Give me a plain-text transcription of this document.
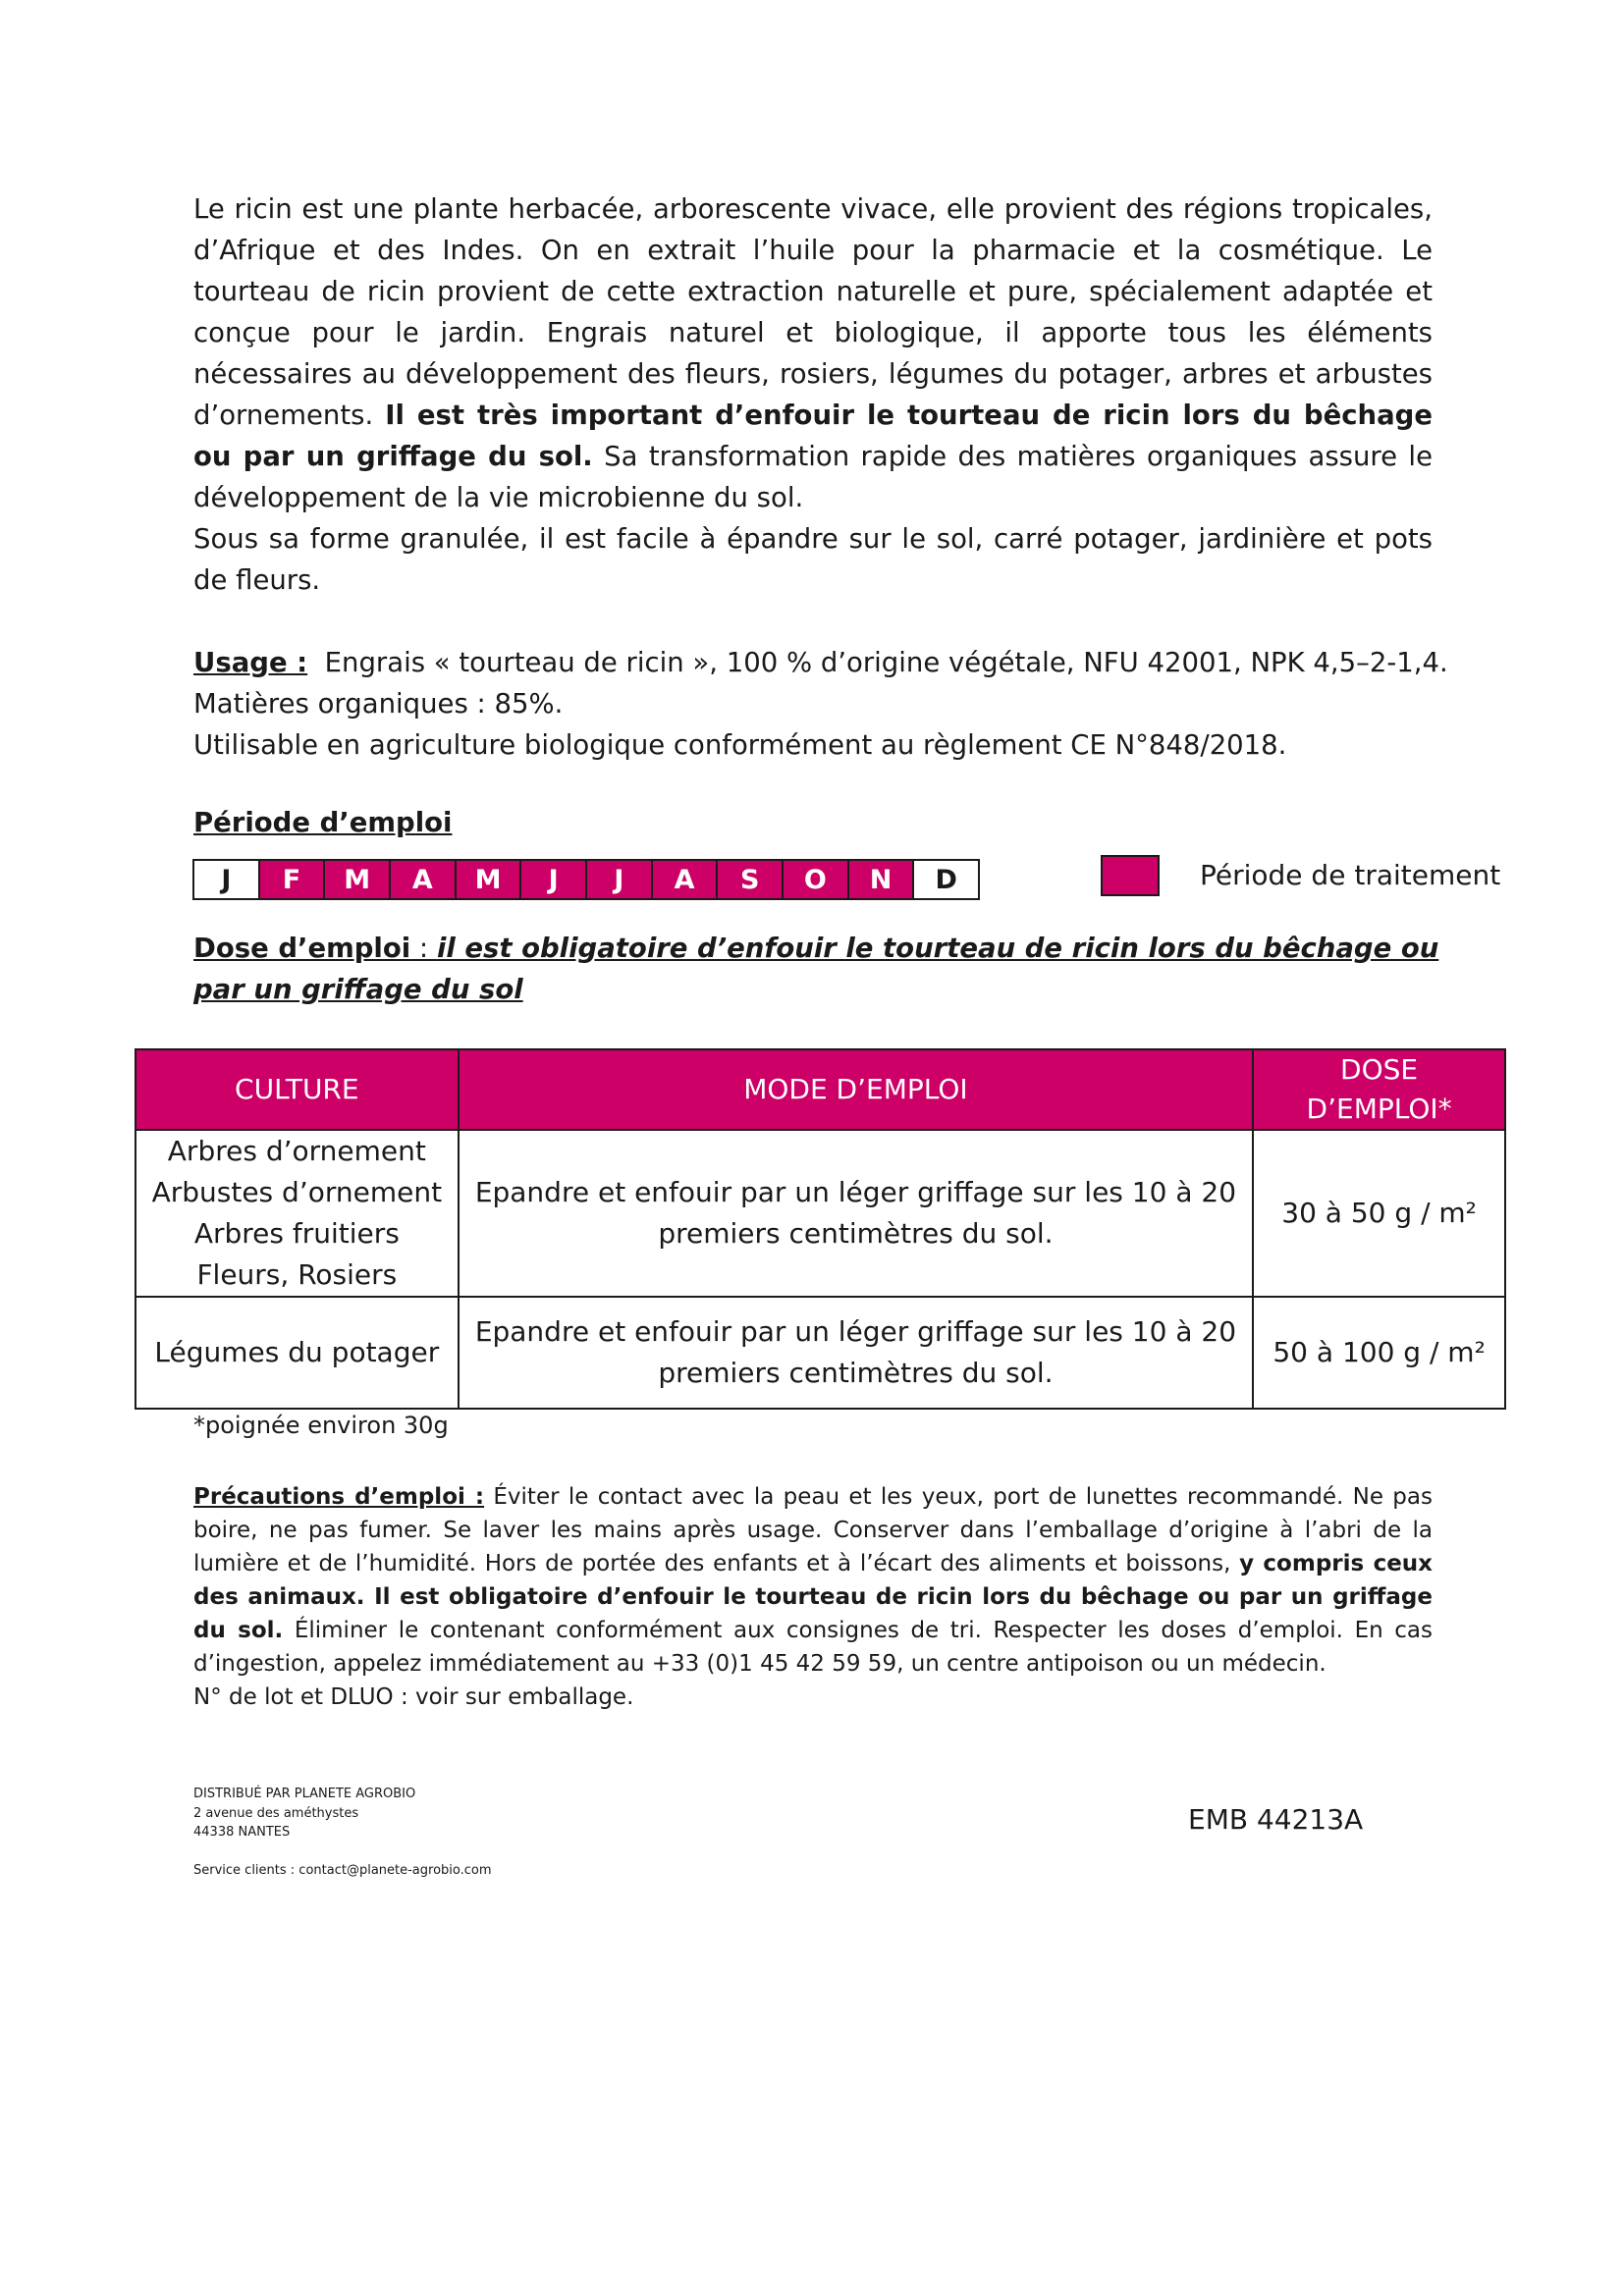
Le ricin est une plante herbacée, arborescente vivace, elle provient des régions tropicales, d’Afrique et des Indes. On en extrait l’huile pour la pharmacie et la cosmétique. Le tourteau de ricin provient de cette extraction naturelle et pure, spécialement adaptée et conçue pour le jardin. Engrais naturel et biologique, il apporte tous les éléments nécessaires au développement des fleurs, rosiers, légumes du potager, arbres et arbustes d’ornements. Il est très important d’enfouir le tourteau de ricin lors du bêchage ou par un griffage du sol. Sa transformation rapide des matières organiques assure le développement de la vie microbienne du sol.
Sous sa forme granulée, il est facile à épandre sur le sol, carré potager, jardinière et pots de fleurs.

Usage : Engrais « tourteau de ricin », 100 % d’origine végétale, NFU 42001, NPK 4,5–2-1,4.
Matières organiques : 85%.
Utilisable en agriculture biologique conformément au règlement CE N°848/2018.

Période d’emploi

J	F	M	A	M	J	J	A	S	O	N	D	Période de traitement

Dose d’emploi : il est obligatoire d’enfouir le tourteau de ricin lors du bêchage ou par un griffage du sol

CULTURE	MODE D’EMPLOI	DOSE
D’EMPLOI*

Arbres d’ornement
Arbustes d’ornement
Arbres fruitiers
Fleurs, Rosiers	Epandre et enfouir par un léger griffage sur les 10 à 20
premiers centimètres du sol.	30 à 50 g / m²

Légumes du potager	Epandre et enfouir par un léger griffage sur les 10 à 20
premiers centimètres du sol.	50 à 100 g / m²
*poignée environ 30g

Précautions d’emploi : Éviter le contact avec la peau et les yeux, port de lunettes recommandé. Ne pas boire, ne pas fumer. Se laver les mains après usage. Conserver dans l’emballage d’origine à l’abri de la lumière et de l’humidité. Hors de portée des enfants et à l’écart des aliments et boissons, y compris ceux des animaux. Il est obligatoire d’enfouir le tourteau de ricin lors du bêchage ou par un griffage du sol. Éliminer le contenant conformément aux consignes de tri. Respecter les doses d’emploi. En cas d’ingestion, appelez immédiatement au +33 (0)1 45 42 59 59, un centre antipoison ou un médecin.
N° de lot et DLUO : voir sur emballage.

DISTRIBUÉ PAR PLANETE AGROBIO
2 avenue des améthystes
44338 NANTES
Service clients : contact@planete-agrobio.com
EMB 44213A
